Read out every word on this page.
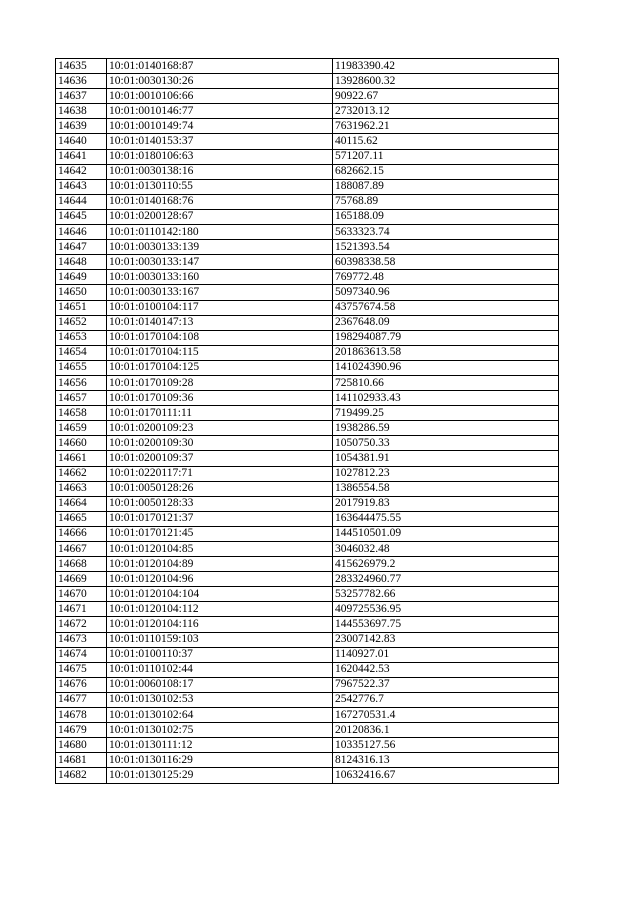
14635	10:01:0140168:87	11983390.42
14636	10:01:0030130:26	13928600.32
14637	10:01:0010106:66	90922.67
14638	10:01:0010146:77	2732013.12
14639	10:01:0010149:74	7631962.21
14640	10:01:0140153:37	40115.62
14641	10:01:0180106:63	571207.11
14642	10:01:0030138:16	682662.15
14643	10:01:0130110:55	188087.89
14644	10:01:0140168:76	75768.89
14645	10:01:0200128:67	165188.09
14646	10:01:0110142:180	5633323.74
14647	10:01:0030133:139	1521393.54
14648	10:01:0030133:147	60398338.58
14649	10:01:0030133:160	769772.48
14650	10:01:0030133:167	5097340.96
14651	10:01:0100104:117	43757674.58
14652	10:01:0140147:13	2367648.09
14653	10:01:0170104:108	198294087.79
14654	10:01:0170104:115	201863613.58
14655	10:01:0170104:125	141024390.96
14656	10:01:0170109:28	725810.66
14657	10:01:0170109:36	141102933.43
14658	10:01:0170111:11	719499.25
14659	10:01:0200109:23	1938286.59
14660	10:01:0200109:30	1050750.33
14661	10:01:0200109:37	1054381.91
14662	10:01:0220117:71	1027812.23
14663	10:01:0050128:26	1386554.58
14664	10:01:0050128:33	2017919.83
14665	10:01:0170121:37	163644475.55
14666	10:01:0170121:45	144510501.09
14667	10:01:0120104:85	3046032.48
14668	10:01:0120104:89	415626979.2
14669	10:01:0120104:96	283324960.77
14670	10:01:0120104:104	53257782.66
14671	10:01:0120104:112	409725536.95
14672	10:01:0120104:116	144553697.75
14673	10:01:0110159:103	23007142.83
14674	10:01:0100110:37	1140927.01
14675	10:01:0110102:44	1620442.53
14676	10:01:0060108:17	7967522.37
14677	10:01:0130102:53	2542776.7
14678	10:01:0130102:64	167270531.4
14679	10:01:0130102:75	20120836.1
14680	10:01:0130111:12	10335127.56
14681	10:01:0130116:29	8124316.13
14682	10:01:0130125:29	10632416.67
